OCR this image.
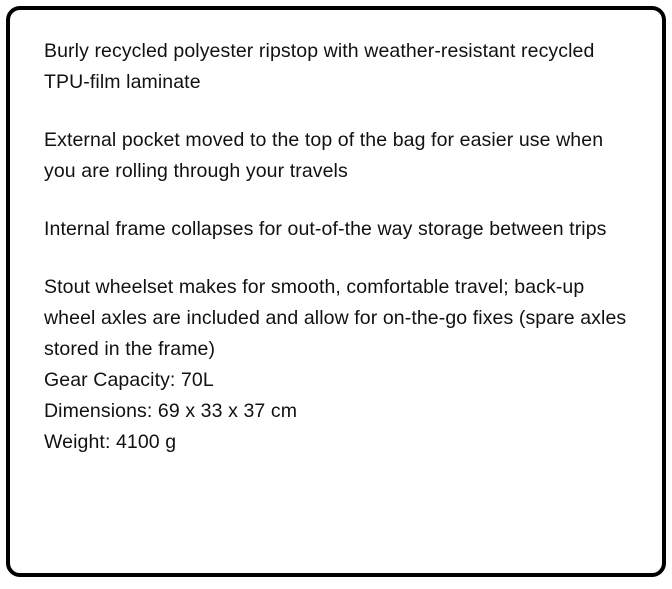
Burly recycled polyester ripstop with weather-resistant recycled TPU-film laminate
External pocket moved to the top of the bag for easier use when you are rolling through your travels
Internal frame collapses for out-of-the way storage between trips
Stout wheelset makes for smooth, comfortable travel; back-up wheel axles are included and allow for on-the-go fixes (spare axles stored in the frame)
Gear Capacity: 70L
Dimensions: 69 x 33 x 37 cm
Weight: 4100 g
